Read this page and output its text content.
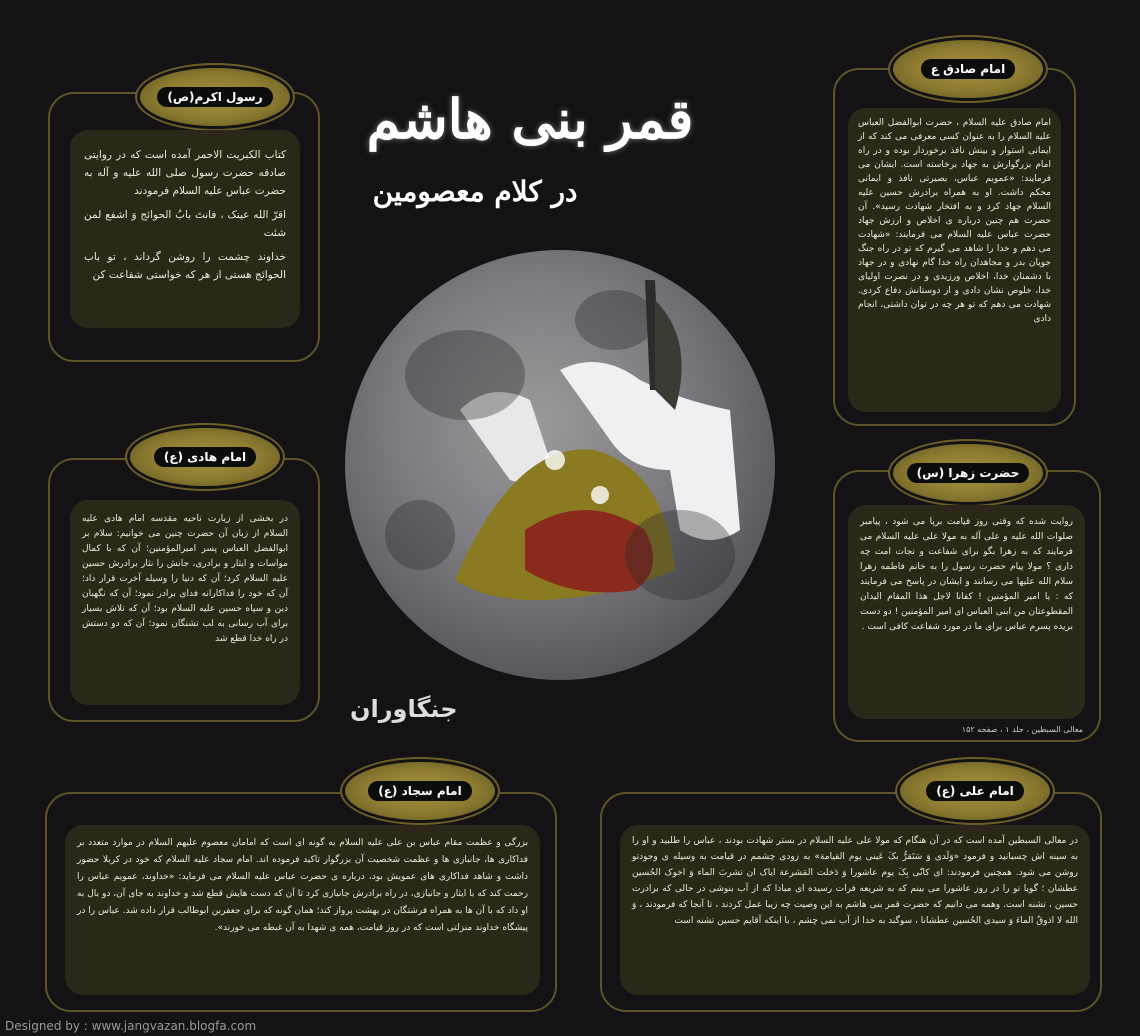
قمر بنی هاشم
در کلام معصومین
جنگاوران
رسول اکرم(ص)

کتاب الکبریت الاحمر آمده است که در روایتی صادقه حضرت رسول صلی الله علیه و آله به حضرت عباس علیه السلام فرمودند

اقرّ الله عینک ، فانتَ بابُ الحوائج وَ اشفع لمن شئت

خداوند چشمت را روشن گرداند ، تو باب الحوائج هستی از هر که خواستی شفاعت کن

امام صادق ع

امام صادق علیه السلام ، حضرت ابوالفضل العباس علیه السلام را به عنوان کسی معرفی می کند که از ایمانی استوار و بینش نافذ برخوردار بوده و در راه امام بزرگوارش به جهاد برخاسته است. ایشان می فرمایند: «عمویم عباس، بصیرتی نافذ و ایمانی محکم داشت. او به همراه برادرش حسین علیه السلام جهاد کرد و به افتخار شهادت رسید». آن حضرت هم چنین درباره ی اخلاص و ارزش جهاد حضرت عباس علیه السلام می فرمایند: «شهادت می دهم و خدا را شاهد می گیرم که تو در راه جنگ جویان بدر و مجاهدان راه خدا گام نهادی و در جهاد با دشمنان خدا، اخلاص ورزیدی و در نصرت اولیای خدا، خلوص نشان دادی و از دوستانش دفاع کردی. شهادت می دهم که تو هر چه در توان داشتی، انجام دادی

امام هادی (ع)

در بخشی از زیارت ناحیه مقدسه امام هادی علیه السلام از زبان آن حضرت چنین می خوانیم: سلام بر ابوالفضل العباس پسر امیرالمؤمنین؛ آن که با کمال مواسات و ایثار و برادری، جانش را نثار برادرش حسین علیه السلام کرد؛ آن که دنیا را وسیله آخرت قرار داد؛ آن که خود را فداکارانه فدای برادر نمود؛ آن که نگهبان دین و سپاه حسین علیه السلام بود؛ آن که تلاش بسیار برای آب رسانی به لب تشنگان نمود؛ آن که دو دستش در راه خدا قطع شد

حضرت زهرا (س)

روایت شده که وقتی روز قیامت برپا می شود ، پیامبر صلوات الله علیه و علی آله به مولا علی علیه السلام می فرمایند که به زهرا بگو برای شفاعت و نجات امت چه داری ؟ مولا پیام حضرت رسول را به خانم فاطمه زهرا سلام الله علیها می رسانند و ایشان در پاسخ می فرمایند که : یا امیر المؤمنین ! کفانا لاجل هذا المقام الیدان المقطوعتان من ابنی العباس ای امیر المؤمنین ! دو دست بریده پسرم عباس برای ما در مورد شفاعت کافی است .

معالی السبطین ، جلد ۱ ، صفحه ۱۵۲
امام سجاد (ع)

بزرگی و عظمت مقام عباس بن علی علیه السلام به گونه ای است که امامان معصوم علیهم السلام در موارد متعدد بر فداکاری ها، جانبازی ها و عظمت شخصیت آن بزرگوار تاکید فرموده اند. امام سجاد علیه السلام که خود در کربلا حضور داشت و شاهد فداکاری های عمویش بود، درباره ی حضرت عباس علیه السلام می فرماید: «خداوند، عمویم عباس را رحمت کند که با ایثار و جانبازی، در راه برادرش جانبازی کرد تا آن که دست هایش قطع شد و خداوند به جای آن، دو بال به او داد که با آن ها به همراه فرشتگان در بهشت پرواز کند؛ همان گونه که برای جعفربن ابوطالب قرار داده شد. عباس را در پیشگاه خداوند منزلتی است که در روز قیامت، همه ی شهدا به آن غبطه می خورند».

امام علی (ع)

در معالی السبطین آمده است که در آن هنگام که مولا علی علیه السلام در بستر شهادت بودند ، عباس را طلبید و او را به سینه اش چسبانید و فرمود «وَلَدی وَ سَتَقرُّ بکَ عَینی یوم القیامة» به زودی چشمم در قیامت به وسیله ی وجودتو روشن می شود. همچنین فرمودند: ای کانّی بِکَ یوم عاشورا وَ دَخلت المَشرعة ایاک ان تشربَ الماء وَ اخوک الحُسین عطشان ؛ گویا تو را در روز عاشورا می بینم که به شریعه فرات رسیده ای مبادا که از آب بنوشی در حالی که برادرت حسین ، تشنه است. وهمه می دانیم که حضرت قمر بنی هاشم به این وصیت چه زیبا عمل کردند ، تا آنجا که فرمودند ، وَ الله لا اذوقُ الماءَ وَ سیدی الحُسین عطشانا ، سوگند به خدا از آب نمی چشم ، با اینکه آقایم حسین تشنه است

Designed by : www.jangvazan.blogfa.com
